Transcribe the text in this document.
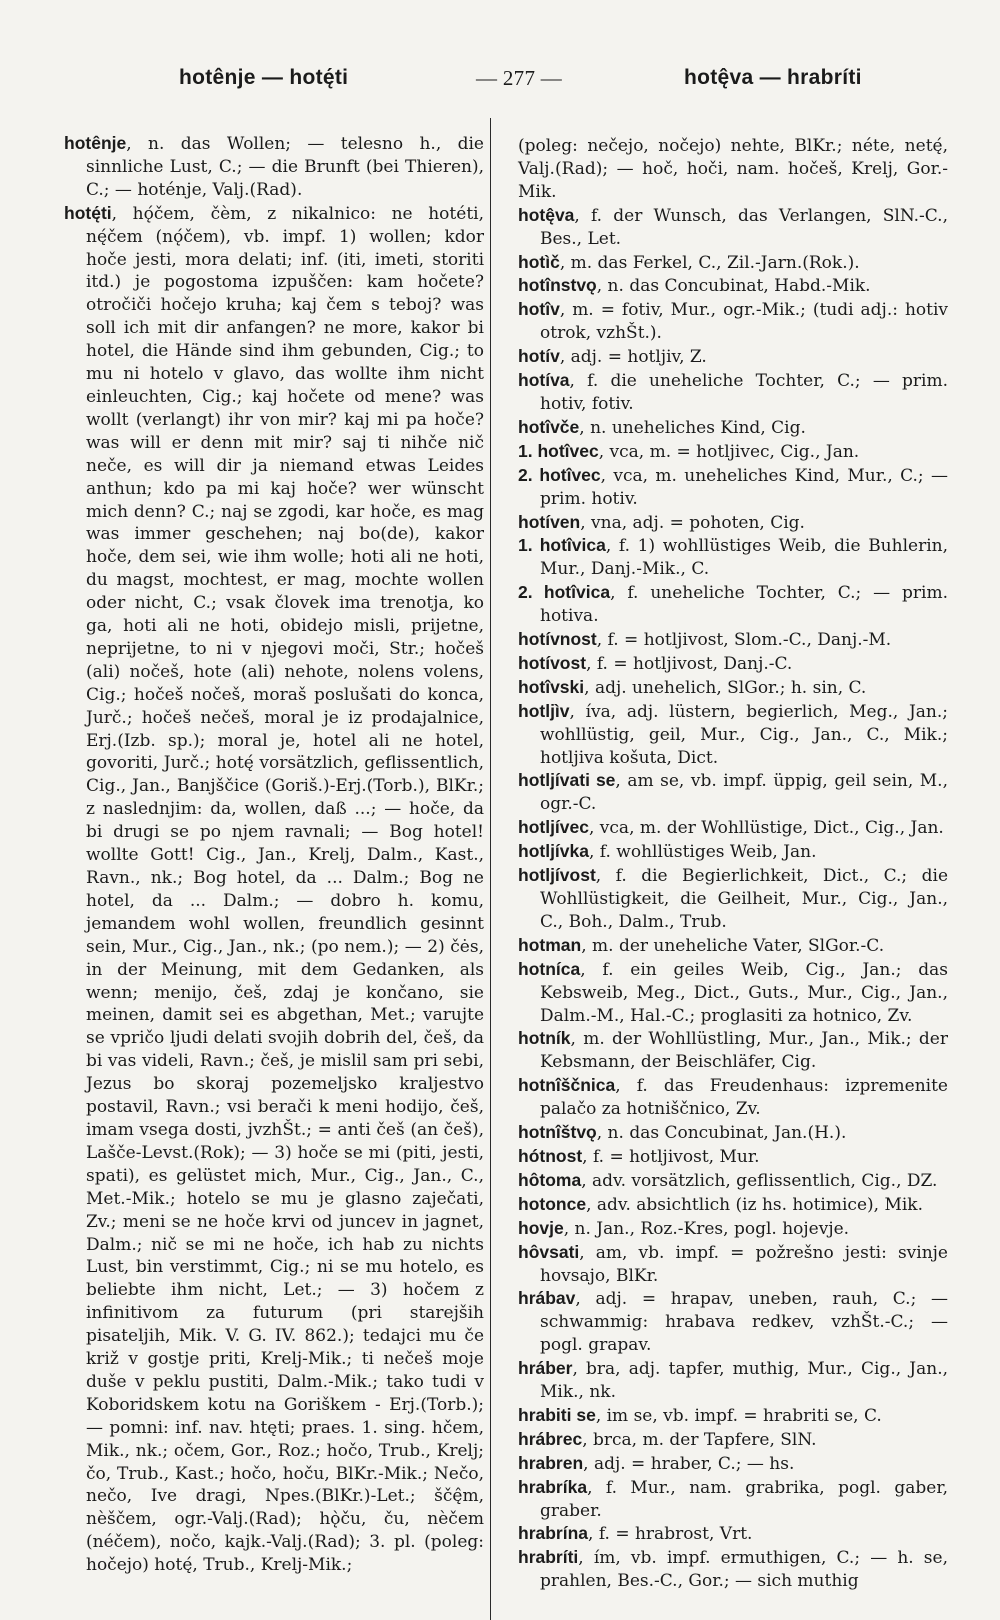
hotênje — hotę́ti	— 277 —	hotę̂va — hrabríti

hotênje, n. das Wollen; — telesno h., die sinnliche Lust, C.; — die Brunft (bei Thieren), C.; — hoténje, Valj.(Rad).

hotę́ti, hǫ́čem, čèm, z nikalnico: ne hotéti, nę́čem (nǫ́čem), vb. impf. 1) wollen; kdor hoče jesti, mora delati; inf. (iti, imeti, storiti itd.) je pogostoma izpuščen: kam hočete? otročiči hočejo kruha; kaj čem s teboj? was soll ich mit dir anfangen? ne more, kakor bi hotel, die Hände sind ihm gebunden, Cig.; to mu ni hotelo v glavo, das wollte ihm nicht einleuchten, Cig.; kaj hočete od mene? was wollt (verlangt) ihr von mir? kaj mi pa hoče? was will er denn mit mir? saj ti nihče nič neče, es will dir ja niemand etwas Leides anthun; kdo pa mi kaj hoče? wer wünscht mich denn? C.; naj se zgodi, kar hoče, es mag was immer geschehen; naj bo(de), kakor hoče, dem sei, wie ihm wolle; hoti ali ne hoti, du magst, mochtest, er mag, mochte wollen oder nicht, C.; vsak človek ima trenotja, ko ga, hoti ali ne hoti, obidejo misli, prijetne, neprijetne, to ni v njegovi moči, Str.; hočeš (ali) nočeš, hote (ali) nehote, nolens volens, Cig.; hočeš nočeš, moraš poslušati do konca, Jurč.; hočeš nečeš, moral je iz prodajalnice, Erj.(Izb. sp.); moral je, hotel ali ne hotel, govoriti, Jurč.; hotę́ vorsätzlich, geflissentlich, Cig., Jan., Banjščice (Goriš.)-Erj.(Torb.), BlKr.; z naslednjim: da, wollen, daß ...; — hoče, da bi drugi se po njem ravnali; — Bog hotel! wollte Gott! Cig., Jan., Krelj, Dalm., Kast., Ravn., nk.; Bog hotel, da ... Dalm.; Bog ne hotel, da ... Dalm.; — dobro h. komu, jemandem wohl wollen, freundlich gesinnt sein, Mur., Cig., Jan., nk.; (po nem.); — 2) čės, in der Meinung, mit dem Gedanken, als wenn; menijo, češ, zdaj je končano, sie meinen, damit sei es abgethan, Met.; varujte se vpričo ljudi delati svojih dobrih del, češ, da bi vas videli, Ravn.; češ, je mislil sam pri sebi, Jezus bo skoraj pozemeljsko kraljestvo postavil, Ravn.; vsi berači k meni hodijo, češ, imam vsega dosti, jvzhŠt.; = anti češ (an češ), Lašče-Levst.(Rok); — 3) hoče se mi (piti, jesti, spati), es gelüstet mich, Mur., Cig., Jan., C., Met.-Mik.; hotelo se mu je glasno zaječati, Zv.; meni se ne hoče krvi od juncev in jagnet, Dalm.; nič se mi ne hoče, ich hab zu nichts Lust, bin verstimmt, Cig.; ni se mu hotelo, es beliebte ihm nicht, Let.; — 3) hočem z infinitivom za futurum (pri starejših pisateljih, Mik. V. G. IV. 862.); tedajci mu če križ v gostje priti, Krelj-Mik.; ti nečeš moje duše v peklu pustiti, Dalm.-Mik.; tako tudi v Koboridskem kotu na Goriškem - Erj.(Torb.); — pomni: inf. nav. htęti; praes. 1. sing. hčem, Mik., nk.; očem, Gor., Roz.; hočo, Trub., Krelj; čo, Trub., Kast.; hočo, hoču, BlKr.-Mik.; Nečo, nečo, Ive dragi, Npes.(BlKr.)-Let.; ščę̂m, nèščem, ogr.-Valj.(Rad); hǫ̀ču, ču, nèčem (néčem), nočo, kajk.-Valj.(Rad); 3. pl. (poleg: hočejo) hotę́, Trub., Krelj-Mik.;

(poleg: nečejo, nočejo) nehte, BlKr.; néte, netę́, Valj.(Rad); — hoč, hoči, nam. hočeš, Krelj, Gor.-Mik.

hotę̂va, f. der Wunsch, das Verlangen, SlN.-C., Bes., Let.

hotìč, m. das Ferkel, C., Zil.-Jarn.(Rok.).

hotînstvǫ, n. das Concubinat, Habd.-Mik.

hotîv, m. = fotiv, Mur., ogr.-Mik.; (tudi adj.: hotiv otrok, vzhŠt.).

hotív, adj. = hotljiv, Z.

hotíva, f. die uneheliche Tochter, C.; — prim. hotiv, fotiv.

hotîvče, n. uneheliches Kind, Cig.

1. hotîvec, vca, m. = hotljivec, Cig., Jan.

2. hotîvec, vca, m. uneheliches Kind, Mur., C.; — prim. hotiv.

hotíven, vna, adj. = pohoten, Cig.

1. hotîvica, f. 1) wohllüstiges Weib, die Buhlerin, Mur., Danj.-Mik., C.

2. hotîvica, f. uneheliche Tochter, C.; — prim. hotiva.

hotívnost, f. = hotljivost, Slom.-C., Danj.-M.

hotívost, f. = hotljivost, Danj.-C.

hotîvski, adj. unehelich, SlGor.; h. sin, C.

hotljìv, íva, adj. lüstern, begierlich, Meg., Jan.; wohllüstig, geil, Mur., Cig., Jan., C., Mik.; hotljiva košuta, Dict.

hotljívati se, am se, vb. impf. üppig, geil sein, M., ogr.-C.

hotljívec, vca, m. der Wohllüstige, Dict., Cig., Jan.

hotljívka, f. wohllüstiges Weib, Jan.

hotljívost, f. die Begierlichkeit, Dict., C.; die Wohllüstigkeit, die Geilheit, Mur., Cig., Jan., C., Boh., Dalm., Trub.

hotman, m. der uneheliche Vater, SlGor.-C.

hotníca, f. ein geiles Weib, Cig., Jan.; das Kebsweib, Meg., Dict., Guts., Mur., Cig., Jan., Dalm.-M., Hal.-C.; proglasiti za hotnico, Zv.

hotník, m. der Wohllüstling, Mur., Jan., Mik.; der Kebsmann, der Beischläfer, Cig.

hotnîščnica, f. das Freudenhaus: izpremenite palačo za hotniščnico, Zv.

hotnîštvǫ, n. das Concubinat, Jan.(H.).

hótnost, f. = hotljivost, Mur.

hôtoma, adv. vorsätzlich, geflissentlich, Cig., DZ.

hotonce, adv. absichtlich (iz hs. hotimice), Mik.

hovje, n. Jan., Roz.-Kres, pogl. hojevje.

hôvsati, am, vb. impf. = požrešno jesti: svinje hovsajo, BlKr.

hrábav, adj. = hrapav, uneben, rauh, C.; — schwammig: hrabava redkev, vzhŠt.-C.; — pogl. grapav.

hráber, bra, adj. tapfer, muthig, Mur., Cig., Jan., Mik., nk.

hrabiti se, im se, vb. impf. = hrabriti se, C.

hrábrec, brca, m. der Tapfere, SlN.

hrabren, adj. = hraber, C.; — hs.

hrabríka, f. Mur., nam. grabrika, pogl. gaber, graber.

hrabrína, f. = hrabrost, Vrt.

hrabríti, ím, vb. impf. ermuthigen, C.; — h. se, prahlen, Bes.-C., Gor.; — sich muthig
